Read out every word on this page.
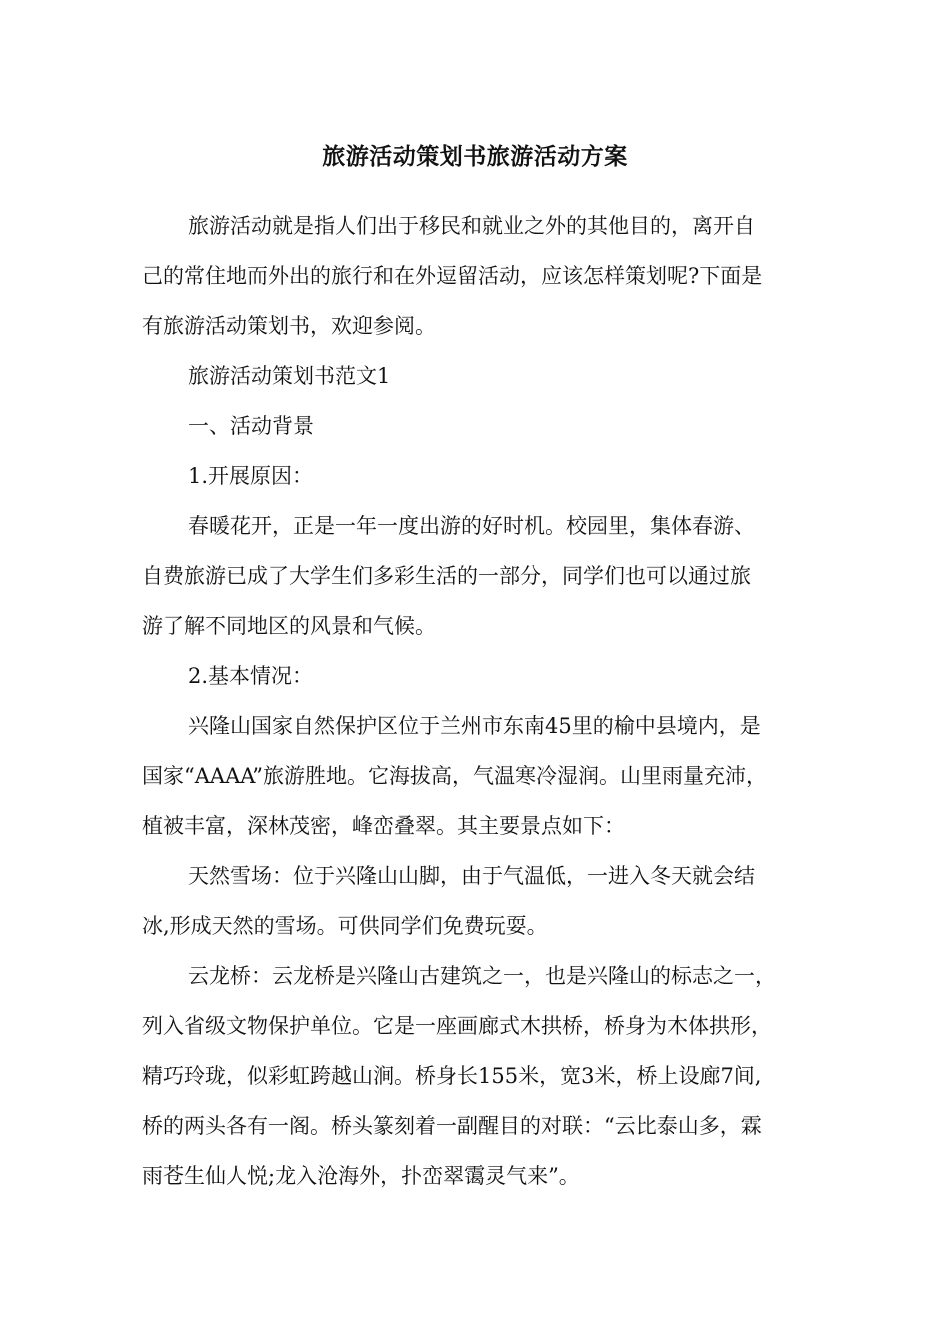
旅游活动策划书旅游活动方案
旅游活动就是指人们出于移民和就业之外的其他目的，离开自
己的常住地而外出的旅行和在外逗留活动，应该怎样策划呢?下面是
有旅游活动策划书，欢迎参阅。
旅游活动策划书范文1
一、活动背景
1.开展原因：
春暖花开，正是一年一度出游的好时机。校园里，集体春游、
自费旅游已成了大学生们多彩生活的一部分，同学们也可以通过旅
游了解不同地区的风景和气候。
2.基本情况：
兴隆山国家自然保护区位于兰州市东南45里的榆中县境内，是
国家“AAAA”旅游胜地。它海拔高，气温寒冷湿润。山里雨量充沛，
植被丰富，深林茂密，峰峦叠翠。其主要景点如下：
天然雪场：位于兴隆山山脚，由于气温低，一进入冬天就会结
冰,形成天然的雪场。可供同学们免费玩耍。
云龙桥：云龙桥是兴隆山古建筑之一，也是兴隆山的标志之一，
列入省级文物保护单位。它是一座画廊式木拱桥，桥身为木体拱形，
精巧玲珑，似彩虹跨越山涧。桥身长155米，宽3米，桥上设廊7间,
桥的两头各有一阁。桥头篆刻着一副醒目的对联：“云比泰山多，霖
雨苍生仙人悦;龙入沧海外，扑峦翠霭灵气来”。
